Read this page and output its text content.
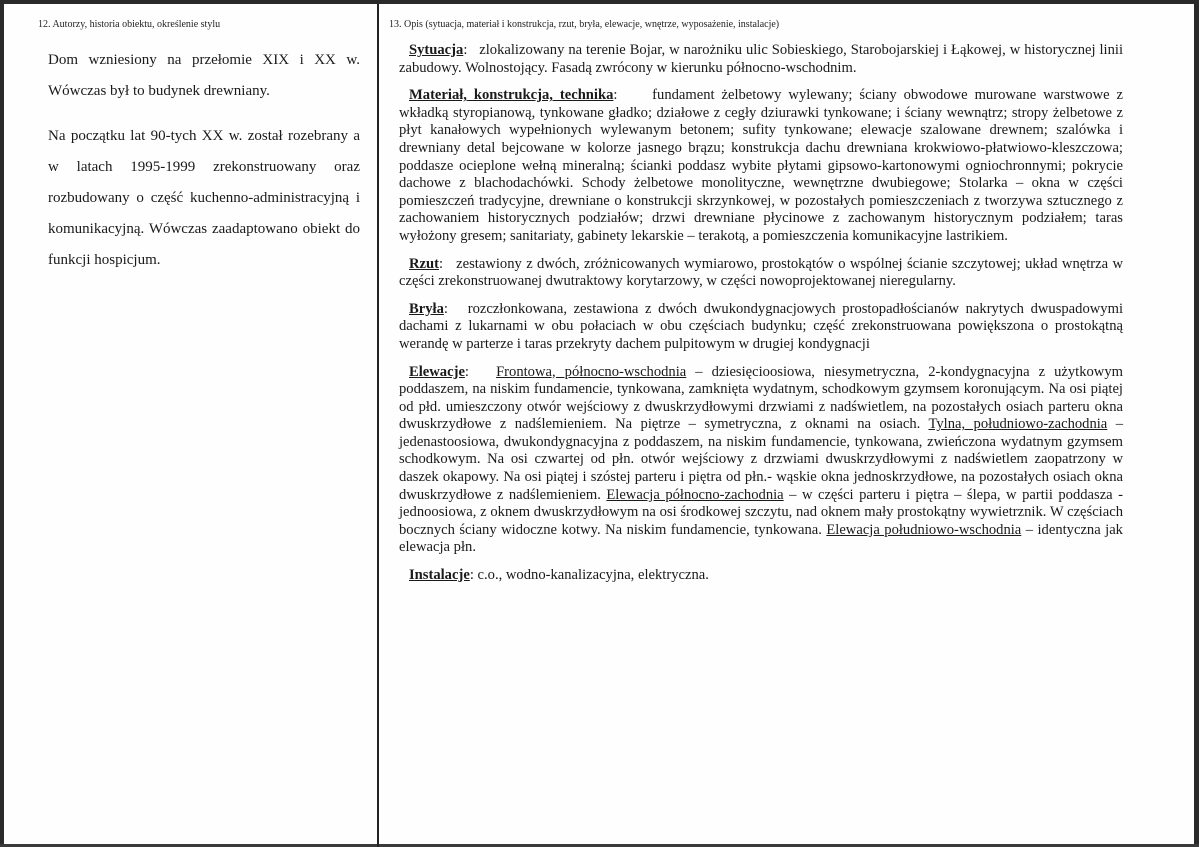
12. Autorzy, historia obiektu, określenie stylu

Dom wzniesiony na przełomie XIX i XX w. Wówczas był to budynek drewniany.

Na początku lat 90-tych XX w. został rozebrany a w latach 1995-1999 zrekonstruowany oraz rozbudowany o część kuchenno-administracyjną i komunikacyjną. Wówczas zaadaptowano obiekt do funkcji hospicjum.

13. Opis (sytuacja, materiał i konstrukcja, rzut, bryła, elewacje, wnętrze, wyposażenie, instalacje)

Sytuacja:   zlokalizowany na terenie Bojar, w narożniku ulic Sobieskiego, Starobojarskiej i Łąkowej, w historycznej linii zabudowy. Wolnostojący. Fasadą zwrócony w kierunku północno-wschodnim.

Materiał, konstrukcja, technika:     fundament żelbetowy wylewany; ściany obwodowe murowane warstwowe z wkładką styropianową, tynkowane gładko; działowe z cegły dziurawki tynkowane; i ściany wewnątrz; stropy żelbetowe z płyt kanałowych wypełnionych wylewanym betonem; sufity tynkowane; elewacje szalowane drewnem; szalówka i drewniany detal bejcowane w kolorze jasnego brązu; konstrukcja dachu drewniana krokwiowo-płatwiowo-kleszczowa; poddasze ocieplone wełną mineralną; ścianki poddasz wybite płytami gipsowo-kartonowymi ogniochronnymi; pokrycie dachowe z blachodachówki. Schody żelbetowe monolityczne, wewnętrzne dwubiegowe; Stolarka – okna w części pomieszczeń tradycyjne, drewniane o konstrukcji skrzynkowej, w pozostałych pomieszczeniach z tworzywa sztucznego z zachowaniem historycznych podziałów; drzwi drewniane płycinowe z zachowanym historycznym podziałem; taras wyłożony gresem; sanitariaty, gabinety lekarskie – terakotą, a pomieszczenia komunikacyjne lastrikiem.

Rzut:   zestawiony z dwóch, zróżnicowanych wymiarowo, prostokątów o wspólnej ścianie szczytowej; układ wnętrza w części zrekonstruowanej dwutraktowy korytarzowy, w części nowoprojektowanej nieregularny.

Bryła:   rozczłonkowana, zestawiona z dwóch dwukondygnacjowych prostopadłościanów nakrytych dwuspadowymi dachami z lukarnami w obu połaciach w obu częściach budynku; część zrekonstruowana powiększona o prostokątną werandę w parterze i taras przekryty dachem pulpitowym w drugiej kondygnacji

Elewacje:   Frontowa, północno-wschodnia – dziesięcioosiowa, niesymetryczna, 2-kondygnacyjna z użytkowym poddaszem, na niskim fundamencie, tynkowana, zamknięta wydatnym, schodkowym gzymsem koronującym. Na osi piątej od płd. umieszczony otwór wejściowy z dwuskrzydłowymi drzwiami z nadświetlem, na pozostałych osiach parteru okna dwuskrzydłowe z nadślemieniem. Na piętrze – symetryczna, z oknami na osiach. Tylna, południowo-zachodnia – jedenastoosiowa, dwukondygnacyjna z poddaszem, na niskim fundamencie, tynkowana, zwieńczona wydatnym gzymsem schodkowym. Na osi czwartej od płn. otwór wejściowy z drzwiami dwuskrzydłowymi z nadświetlem zaopatrzony w daszek okapowy. Na osi piątej i szóstej parteru i piętra od płn.- wąskie okna jednoskrzydłowe, na pozostałych osiach okna dwuskrzydłowe z nadślemieniem. Elewacja północno-zachodnia – w części parteru i piętra – ślepa, w partii poddasza - jednoosiowa, z oknem dwuskrzydłowym na osi środkowej szczytu, nad oknem mały prostokątny wywietrznik. W częściach bocznych ściany widoczne kotwy. Na niskim fundamencie, tynkowana. Elewacja południowo-wschodnia – identyczna jak elewacja płn.

Instalacje: c.o., wodno-kanalizacyjna, elektryczna.
